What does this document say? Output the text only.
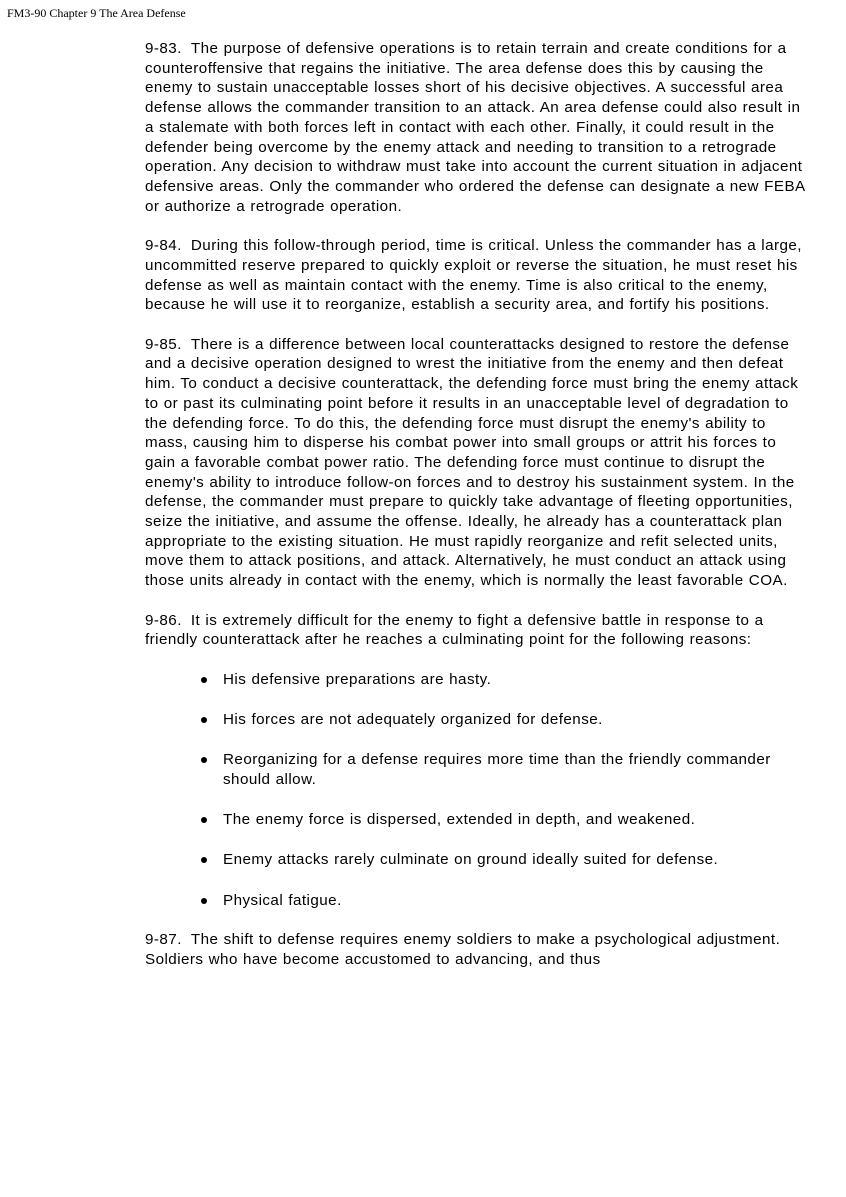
FM3-90 Chapter 9 The Area Defense

9-83. The purpose of defensive operations is to retain terrain and create conditions for a counteroffensive that regains the initiative. The area defense does this by causing the enemy to sustain unacceptable losses short of his decisive objectives. A successful area defense allows the commander transition to an attack. An area defense could also result in a stalemate with both forces left in contact with each other. Finally, it could result in the defender being overcome by the enemy attack and needing to transition to a retrograde operation. Any decision to withdraw must take into account the current situation in adjacent defensive areas. Only the commander who ordered the defense can designate a new FEBA or authorize a retrograde operation.

9-84. During this follow-through period, time is critical. Unless the commander has a large, uncommitted reserve prepared to quickly exploit or reverse the situation, he must reset his defense as well as maintain contact with the enemy. Time is also critical to the enemy, because he will use it to reorganize, establish a security area, and fortify his positions.

9-85. There is a difference between local counterattacks designed to restore the defense and a decisive operation designed to wrest the initiative from the enemy and then defeat him. To conduct a decisive counterattack, the defending force must bring the enemy attack to or past its culminating point before it results in an unacceptable level of degradation to the defending force. To do this, the defending force must disrupt the enemy's ability to mass, causing him to disperse his combat power into small groups or attrit his forces to gain a favorable combat power ratio. The defending force must continue to disrupt the enemy's ability to introduce follow-on forces and to destroy his sustainment system. In the defense, the commander must prepare to quickly take advantage of fleeting opportunities, seize the initiative, and assume the offense. Ideally, he already has a counterattack plan appropriate to the existing situation. He must rapidly reorganize and refit selected units, move them to attack positions, and attack. Alternatively, he must conduct an attack using those units already in contact with the enemy, which is normally the least favorable COA.

9-86. It is extremely difficult for the enemy to fight a defensive battle in response to a friendly counterattack after he reaches a culminating point for the following reasons:

His defensive preparations are hasty.
His forces are not adequately organized for defense.
Reorganizing for a defense requires more time than the friendly commander should allow.
The enemy force is dispersed, extended in depth, and weakened.
Enemy attacks rarely culminate on ground ideally suited for defense.
Physical fatigue.

9-87. The shift to defense requires enemy soldiers to make a psychological adjustment. Soldiers who have become accustomed to advancing, and thus
